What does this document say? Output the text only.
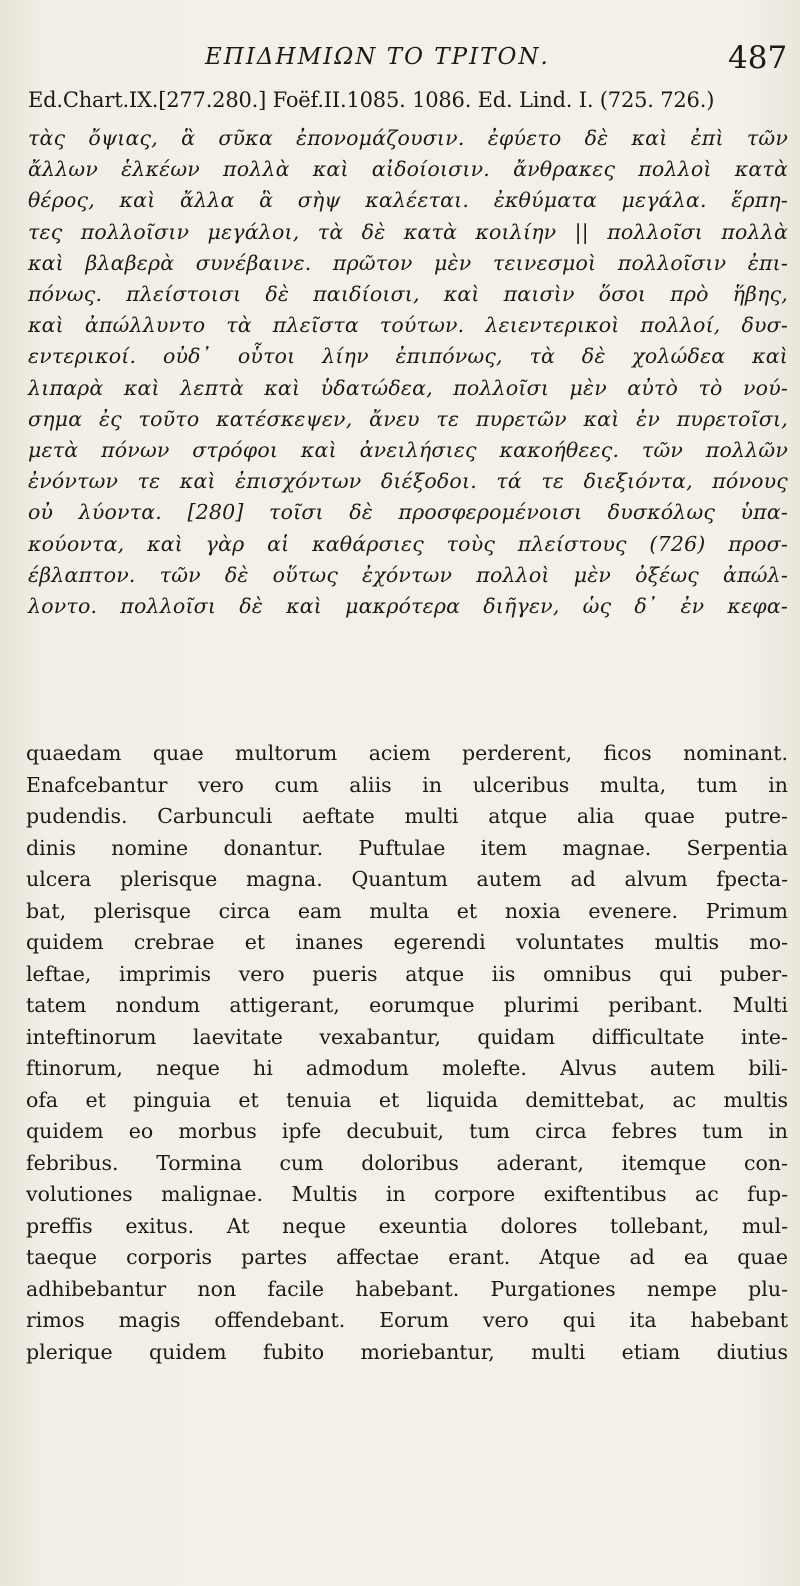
ΕΠΙΔΗΜΙΩΝ ΤΟ ΤΡΙΤΟΝ.	487
Ed.Chart.IX.[277.280.] Foëf.II.1085. 1086. Ed. Lind. I. (725. 726.)
τὰς ὄψιας, ἃ σῦκα ἐπονομάζουσιν. ἐφύετο δὲ καὶ ἐπὶ τῶν
ἄλλων ἑλκέων πολλὰ καὶ αἰδοίοισιν. ἄνθρακες πολλοὶ κατὰ
θέρος, καὶ ἄλλα ἃ σὴψ καλέεται. ἐκθύματα μεγάλα. ἕρπη-
τες πολλοῖσιν μεγάλοι, τὰ δὲ κατὰ κοιλίην || πολλοῖσι πολλὰ
καὶ βλαβερὰ συνέβαινε. πρῶτον μὲν τεινεσμοὶ πολλοῖσιν ἐπι-
πόνως. πλείστοισι δὲ παιδίοισι, καὶ παισὶν ὅσοι πρὸ ἥβης,
καὶ ἀπώλλυντο τὰ πλεῖστα τούτων. λειεντερικοὶ πολλοί, δυσ-
εντερικοί. οὐδ᾽ οὗτοι λίην ἐπιπόνως, τὰ δὲ χολώδεα καὶ
λιπαρὰ καὶ λεπτὰ καὶ ὑδατώδεα, πολλοῖσι μὲν αὐτὸ τὸ νού-
σημα ἐς τοῦτο κατέσκεψεν, ἄνευ τε πυρετῶν καὶ ἐν πυρετοῖσι,
μετὰ πόνων στρόφοι καὶ ἀνειλήσιες κακοήθεες. τῶν πολλῶν
ἐνόντων τε καὶ ἐπισχόντων διέξοδοι. τά τε διεξιόντα, πόνους
οὐ λύοντα. [280] τοῖσι δὲ προσφερομένοισι δυσκόλως ὑπα-
κούοντα, καὶ γὰρ αἱ καθάρσιες τοὺς πλείστους (726) προσ-
έβλαπτον. τῶν δὲ οὕτως ἐχόντων πολλοὶ μὲν ὀξέως ἀπώλ-
λοντο. πολλοῖσι δὲ καὶ μακρότερα διῆγεν, ὡς δ᾽ ἐν κεφα-
quaedam quae multorum aciem perderent, ficos nominant.
Enafcebantur vero cum aliis in ulceribus multa, tum in
pudendis. Carbunculi aeftate multi atque alia quae putre-
dinis nomine donantur. Puftulae item magnae. Serpentia
ulcera plerisque magna. Quantum autem ad alvum fpecta-
bat, plerisque circa eam multa et noxia evenere. Primum
quidem crebrae et inanes egerendi voluntates multis mo-
leftae, imprimis vero pueris atque iis omnibus qui puber-
tatem nondum attigerant, eorumque plurimi peribant. Multi
inteftinorum laevitate vexabantur, quidam difficultate inte-
ftinorum, neque hi admodum molefte. Alvus autem bili-
ofa et pinguia et tenuia et liquida demittebat, ac multis
quidem eo morbus ipfe decubuit, tum circa febres tum in
febribus. Tormina cum doloribus aderant, itemque con-
volutiones malignae. Multis in corpore exiftentibus ac fup-
preffis exitus. At neque exeuntia dolores tollebant, mul-
taeque corporis partes affectae erant. Atque ad ea quae
adhibebantur non facile habebant. Purgationes nempe plu-
rimos magis offendebant. Eorum vero qui ita habebant
plerique quidem fubito moriebantur, multi etiam diutius
